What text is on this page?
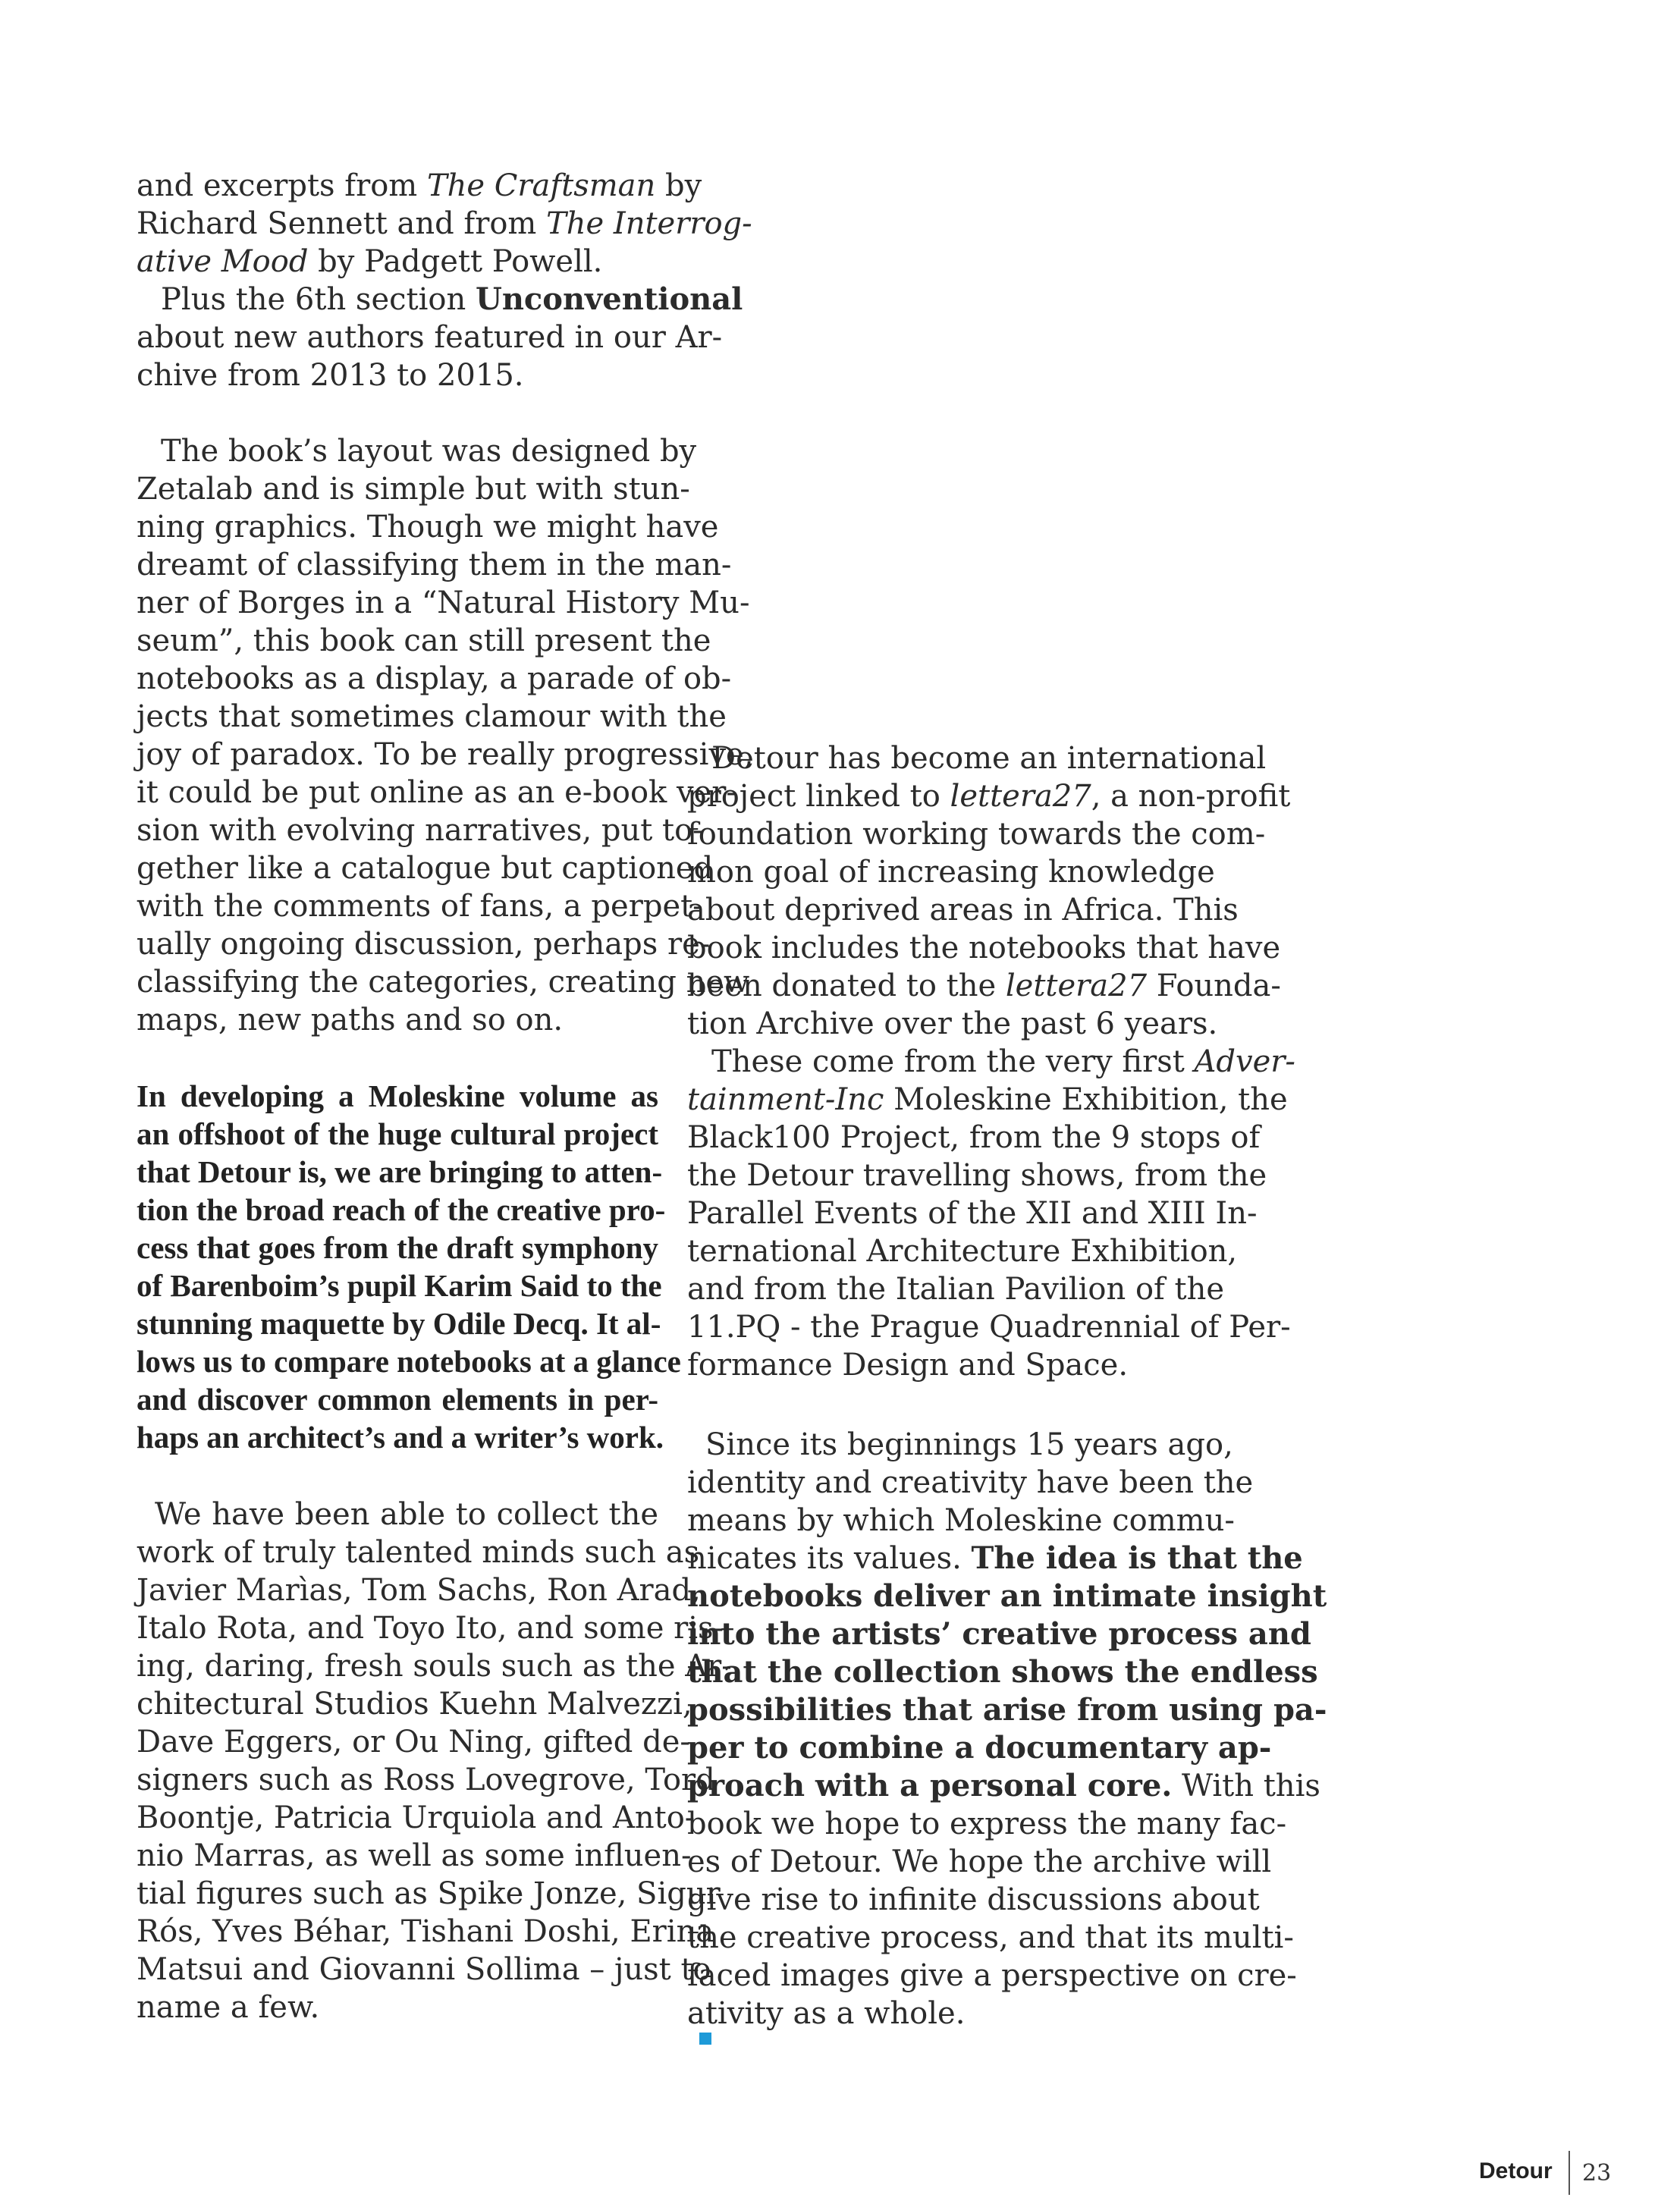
and excerpts from The Craftsman by
Richard Sennett and from The Interrog-
ative Mood by Padgett Powell.
Plus the 6th section Unconventional
about new authors featured in our Ar-
chive from 2013 to 2015.
The book’s layout was designed by
Zetalab and is simple but with stun-
ning graphics. Though we might have
dreamt of classifying them in the man-
ner of Borges in a “Natural History Mu-
seum”, this book can still present the
notebooks as a display, a parade of ob-
jects that sometimes clamour with the
joy of paradox. To be really progressive,
it could be put online as an e-book ver-
sion with evolving narratives, put to-
gether like a catalogue but captioned
with the comments of fans, a perpet-
ually ongoing discussion, perhaps re-
classifying the categories, creating new
maps, new paths and so on.
In developing a Moleskine volume as
an offshoot of the huge cultural project
that Detour is, we are bringing to atten-
tion the broad reach of the creative pro-
cess that goes from the draft symphony
of Barenboim’s pupil Karim Said to the
stunning maquette by Odile Decq. It al-
lows us to compare notebooks at a glance
and discover common elements in per-
haps an architect’s and a writer’s work.
We have been able to collect the
work of truly talented minds such as
Javier Marìas, Tom Sachs, Ron Arad,
Italo Rota, and Toyo Ito, and some ris-
ing, daring, fresh souls such as the Ar-
chitectural Studios Kuehn Malvezzi,
Dave Eggers, or Ou Ning, gifted de-
signers such as Ross Lovegrove, Tord
Boontje, Patricia Urquiola and Anto-
nio Marras, as well as some influen-
tial figures such as Spike Jonze, Sigur
Rós, Yves Béhar, Tishani Doshi, Erina
Matsui and Giovanni Sollima – just to
name a few.
Detour has become an international
project linked to lettera27, a non-profit
foundation working towards the com-
mon goal of increasing knowledge
about deprived areas in Africa. This
book includes the notebooks that have
been donated to the lettera27 Founda-
tion Archive over the past 6 years.
These come from the very first Adver-
tainment-Inc Moleskine Exhibition, the
Black100 Project, from the 9 stops of
the Detour travelling shows, from the
Parallel Events of the XII and XIII In-
ternational Architecture Exhibition,
and from the Italian Pavilion of the
11.PQ - the Prague Quadrennial of Per-
formance Design and Space.
Since its beginnings 15 years ago,
identity and creativity have been the
means by which Moleskine commu-
nicates its values. The idea is that the
notebooks deliver an intimate insight
into the artists’ creative process and
that the collection shows the endless
possibilities that arise from using pa-
per to combine a documentary ap-
proach with a personal core. With this
book we hope to express the many fac-
es of Detour. We hope the archive will
give rise to infinite discussions about
the creative process, and that its multi-
faced images give a perspective on cre-
ativity as a whole.
Detour 23
